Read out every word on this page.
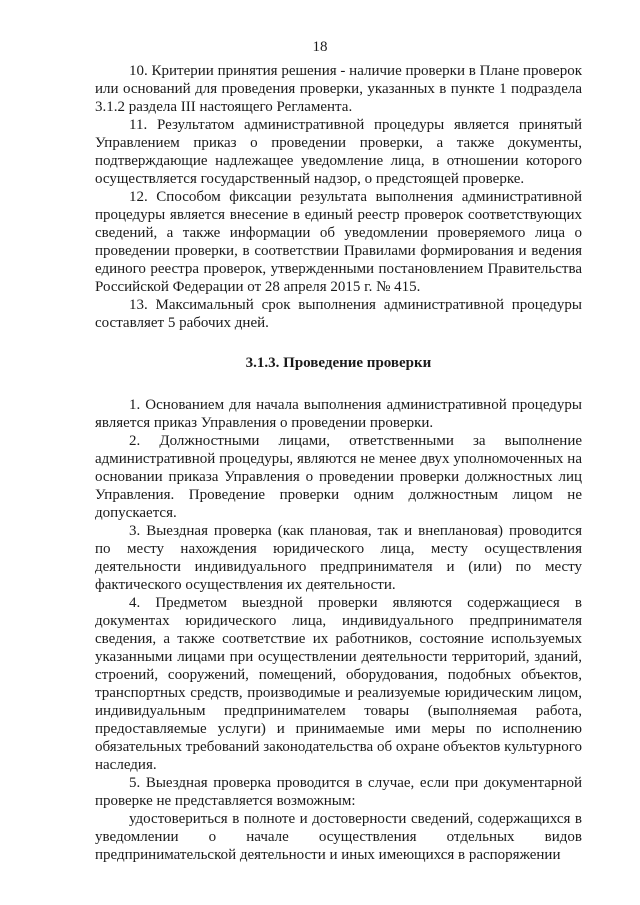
18

10. Критерии принятия решения - наличие проверки в Плане проверок или оснований для проведения проверки, указанных в пункте 1 подраздела 3.1.2 раздела III настоящего Регламента.

11. Результатом административной процедуры является принятый Управлением приказ о проведении проверки, а также документы, подтверждающие надлежащее уведомление лица, в отношении которого осуществляется государственный надзор, о предстоящей проверке.

12. Способом фиксации результата выполнения административной процедуры является внесение в единый реестр проверок соответствующих сведений, а также информации об уведомлении проверяемого лица о проведении проверки, в соответствии Правилами формирования и ведения единого реестра проверок, утвержденными постановлением Правительства Российской Федерации от 28 апреля 2015 г. № 415.

13. Максимальный срок выполнения административной процедуры составляет 5 рабочих дней.

3.1.3. Проведение проверки

1. Основанием для начала выполнения административной процедуры является приказ Управления о проведении проверки.

2. Должностными лицами, ответственными за выполнение административной процедуры, являются не менее двух уполномоченных на основании приказа Управления о проведении проверки должностных лиц Управления. Проведение проверки одним должностным лицом не допускается.

3. Выездная проверка (как плановая, так и внеплановая) проводится по месту нахождения юридического лица, месту осуществления деятельности индивидуального предпринимателя и (или) по месту фактического осуществления их деятельности.

4. Предметом выездной проверки являются содержащиеся в документах юридического лица, индивидуального предпринимателя сведения, а также соответствие их работников, состояние используемых указанными лицами при осуществлении деятельности территорий, зданий, строений, сооружений, помещений, оборудования, подобных объектов, транспортных средств, производимые и реализуемые юридическим лицом, индивидуальным предпринимателем товары (выполняемая работа, предоставляемые услуги) и принимаемые ими меры по исполнению обязательных требований законодательства об охране объектов культурного наследия.

5. Выездная проверка проводится в случае, если при документарной проверке не представляется возможным:

удостовериться в полноте и достоверности сведений, содержащихся в уведомлении о начале осуществления отдельных видов предпринимательской деятельности и иных имеющихся в распоряжении
